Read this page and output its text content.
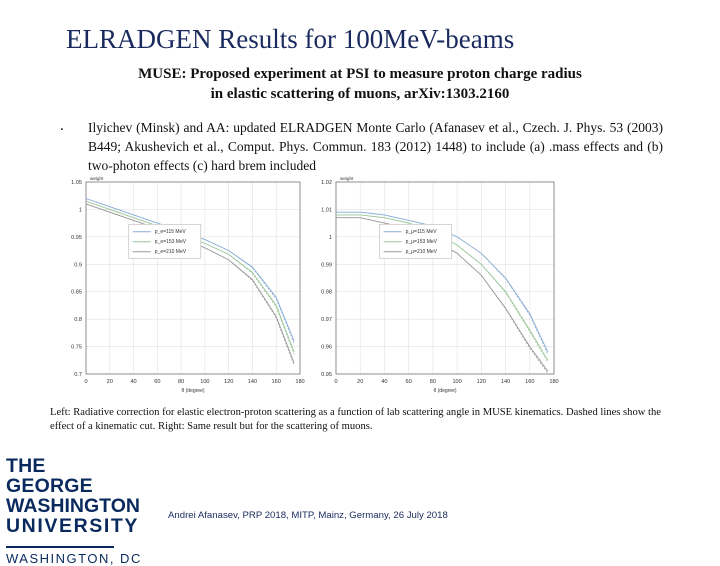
ELRADGEN Results for 100MeV-beams
MUSE: Proposed experiment at PSI to measure proton charge radius
in elastic scattering of muons, arXiv:1303.2160
. Ilyichev (Minsk) and AA: updated ELRADGEN Monte Carlo (Afanasev et al., Czech. J. Phys. 53 (2003) B449; Akushevich et al., Comput. Phys. Commun. 183 (2012) 1448) to include (a) .mass effects and (b) two-photon effects (c) hard brem included
0	20	40	60	80	100	120	140	160	180
0.7
0.75
0.8
0.85
0.9
0.95
1
1.05
weight
θ (degree)
p_e=115 MeV
p_e=153 MeV
p_e=210 MeV
0	20	40	60	80	100	120	140	160	180
0.95
0.96
0.97
0.98
0.99
1
1.01
1.02
weight
θ (degree)
p_μ=115 MeV
p_μ=153 MeV
p_μ=210 MeV
Left: Radiative correction for elastic electron-proton scattering as a function of lab scattering angle in MUSE kinematics. Dashed lines show the effect of a kinematic cut. Right: Same result but for the scattering of muons.
THE GEORGE
WASHINGTON
UNIVERSITY
WASHINGTON, DC
Andrei Afanasev, PRP 2018, MITP, Mainz, Germany, 26 July 2018
